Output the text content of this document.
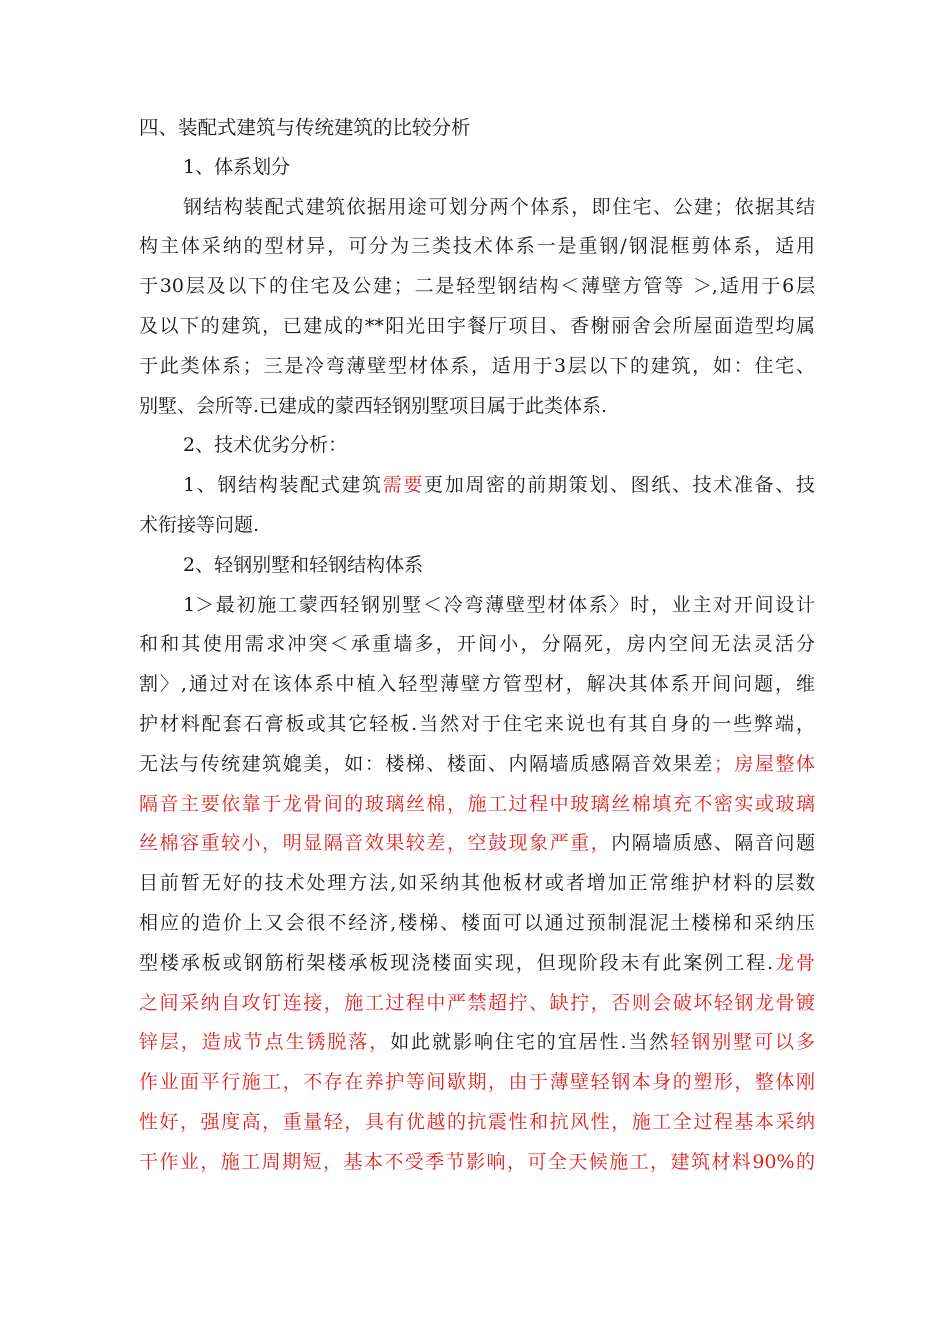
四、装配式建筑与传统建筑的比较分析
1、体系划分
钢结构装配式建筑依据用途可划分两个体系，即住宅、公建；依据其结
构主体采纳的型材异，可分为三类技术体系一是重钢/钢混框剪体系，适用
于30层及以下的住宅及公建；二是轻型钢结构＜薄壁方管等 ＞,适用于6层
及以下的建筑，已建成的**阳光田宇餐厅项目、香榭丽舍会所屋面造型均属
于此类体系；三是冷弯薄壁型材体系，适用于3层以下的建筑，如：住宅、
别墅、会所等.已建成的蒙西轻钢别墅项目属于此类体系.
2、技术优劣分析：
1、钢结构装配式建筑需要更加周密的前期策划、图纸、技术准备、技
术衔接等问题.
2、轻钢别墅和轻钢结构体系
1＞最初施工蒙西轻钢别墅＜冷弯薄壁型材体系〉时，业主对开间设计
和和其使用需求冲突＜承重墙多，开间小，分隔死，房内空间无法灵活分
割〉,通过对在该体系中植入轻型薄壁方管型材，解决其体系开间问题，维
护材料配套石膏板或其它轻板.当然对于住宅来说也有其自身的一些弊端，
无法与传统建筑媲美，如：楼梯、楼面、内隔墙质感隔音效果差；房屋整体
隔音主要依靠于龙骨间的玻璃丝棉，施工过程中玻璃丝棉填充不密实或玻璃
丝棉容重较小，明显隔音效果较差，空鼓现象严重，内隔墙质感、隔音问题
目前暂无好的技术处理方法,如采纳其他板材或者增加正常维护材料的层数
相应的造价上又会很不经济,楼梯、楼面可以通过预制混泥土楼梯和采纳压
型楼承板或钢筋桁架楼承板现浇楼面实现，但现阶段未有此案例工程.龙骨
之间采纳自攻钉连接，施工过程中严禁超拧、缺拧，否则会破坏轻钢龙骨镀
锌层，造成节点生锈脱落，如此就影响住宅的宜居性.当然轻钢别墅可以多
作业面平行施工，不存在养护等间歇期，由于薄壁轻钢本身的塑形，整体刚
性好，强度高，重量轻，具有优越的抗震性和抗风性，施工全过程基本采纳
干作业，施工周期短，基本不受季节影响，可全天候施工，建筑材料90%的
